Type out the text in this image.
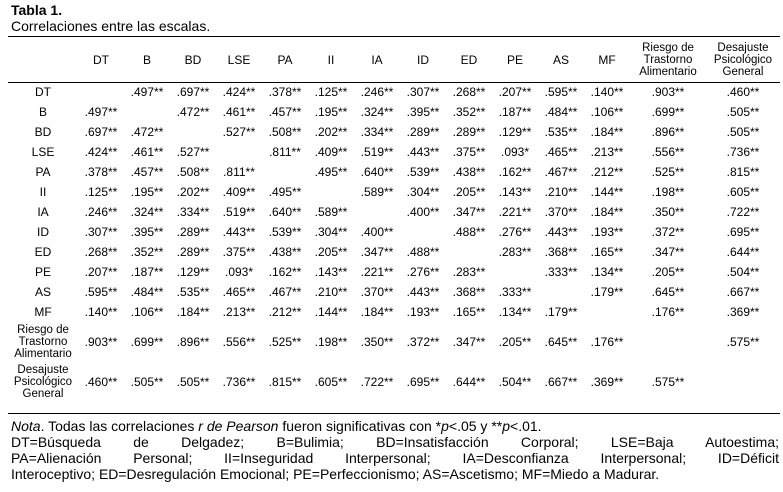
Tabla 1.
Correlaciones entre las escalas.
	DT	B	BD	LSE	PA	II	IA	ID	ED	PE	AS	MF	Riesgo de Trastorno Alimentario	Desajuste Psicológico General
DT		.497**	.697**	.424**	.378**	.125**	.246**	.307**	.268**	.207**	.595**	.140**	.903**	.460**
B	.497**		.472**	.461**	.457**	.195**	.324**	.395**	.352**	.187**	.484**	.106**	.699**	.505**
BD	.697**	.472**		.527**	.508**	.202**	.334**	.289**	.289**	.129**	.535**	.184**	.896**	.505**
LSE	.424**	.461**	.527**		.811**	.409**	.519**	.443**	.375**	.093*	.465**	.213**	.556**	.736**
PA	.378**	.457**	.508**	.811**		.495**	.640**	.539**	.438**	.162**	.467**	.212**	.525**	.815**
II	.125**	.195**	.202**	.409**	.495**		.589**	.304**	.205**	.143**	.210**	.144**	.198**	.605**
IA	.246**	.324**	.334**	.519**	.640**	.589**		.400**	.347**	.221**	.370**	.184**	.350**	.722**
ID	.307**	.395**	.289**	.443**	.539**	.304**	.400**		.488**	.276**	.443**	.193**	.372**	.695**
ED	.268**	.352**	.289**	.375**	.438**	.205**	.347**	.488**		.283**	.368**	.165**	.347**	.644**
PE	.207**	.187**	.129**	.093*	.162**	.143**	.221**	.276**	.283**		.333**	.134**	.205**	.504**
AS	.595**	.484**	.535**	.465**	.467**	.210**	.370**	.443**	.368**	.333**		.179**	.645**	.667**
MF	.140**	.106**	.184**	.213**	.212**	.144**	.184**	.193**	.165**	.134**	.179**		.176**	.369**
Riesgo de Trastorno Alimentario	.903**	.699**	.896**	.556**	.525**	.198**	.350**	.372**	.347**	.205**	.645**	.176**		.575**
Desajuste Psicológico General	.460**	.505**	.505**	.736**	.815**	.605**	.722**	.695**	.644**	.504**	.667**	.369**	.575**	
Nota. Todas las correlaciones r de Pearson fueron significativas con *p<.05 y **p<.01.
DT=Búsqueda de Delgadez; B=Bulimia; BD=Insatisfacción Corporal; LSE=Baja Autoestima;
PA=Alienación Personal; II=Inseguridad Interpersonal; IA=Desconfianza Interpersonal; ID=Déficit
Interoceptivo; ED=Desregulación Emocional; PE=Perfeccionismo; AS=Ascetismo; MF=Miedo a Madurar.
